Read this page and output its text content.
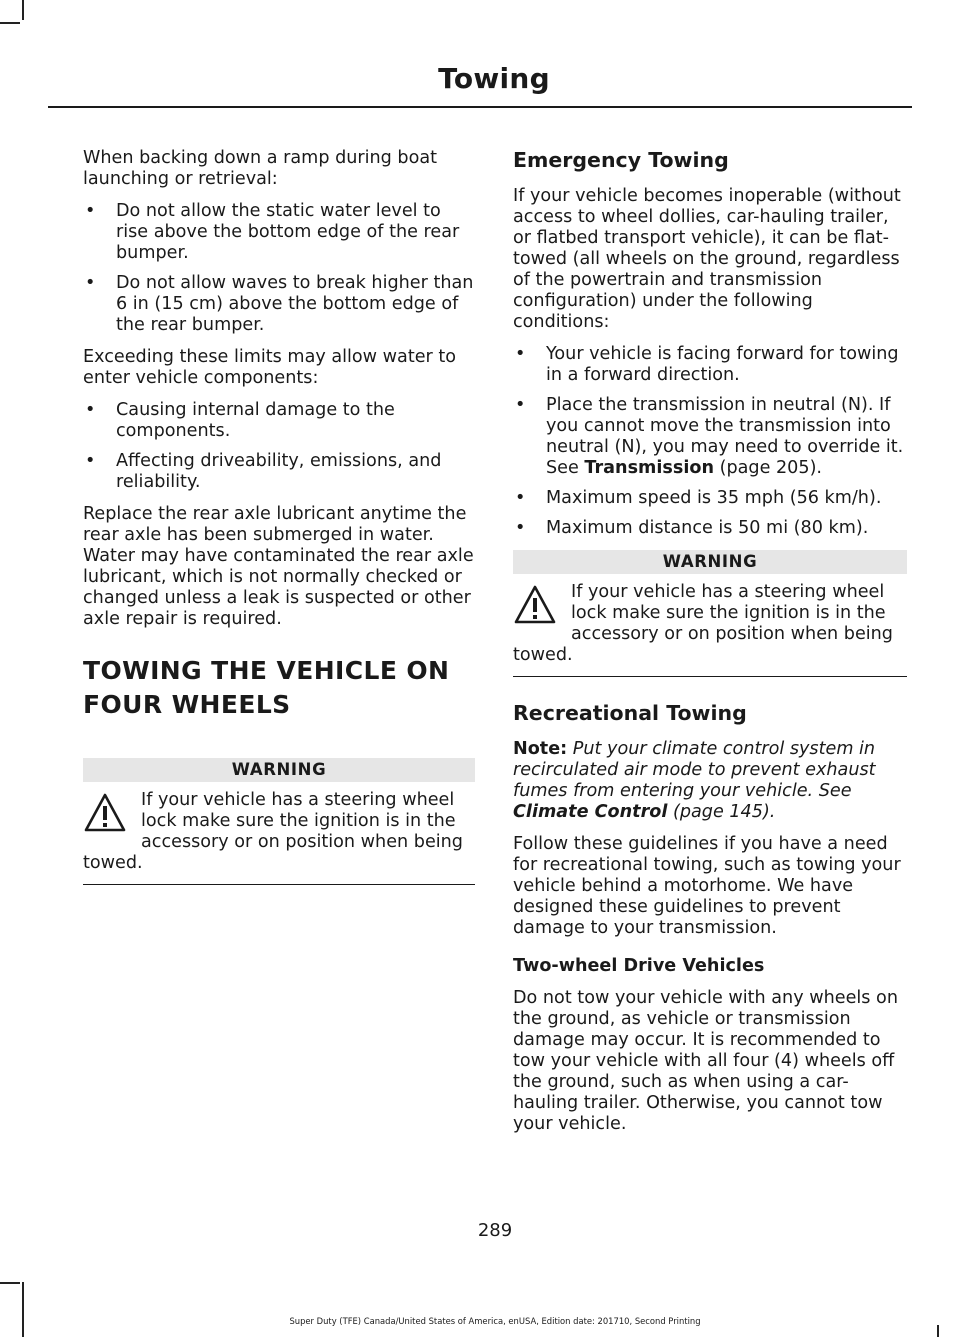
Towing

When backing down a ramp during boat launching or retrieval:

• Do not allow the static water level to rise above the bottom edge of the rear bumper.
• Do not allow waves to break higher than 6 in (15 cm) above the bottom edge of the rear bumper.

Exceeding these limits may allow water to enter vehicle components:

• Causing internal damage to the components.
• Affecting driveability, emissions, and reliability.

Replace the rear axle lubricant anytime the rear axle has been submerged in water. Water may have contaminated the rear axle lubricant, which is not normally checked or changed unless a leak is suspected or other axle repair is required.

TOWING THE VEHICLE ON
FOUR WHEELS
WARNING
If your vehicle has a steering wheel lock make sure the ignition is in the accessory or on position when being towed.
Emergency Towing

If your vehicle becomes inoperable (without access to wheel dollies, car-hauling trailer, or flatbed transport vehicle), it can be flat-towed (all wheels on the ground, regardless of the powertrain and transmission configuration) under the following conditions:

• Your vehicle is facing forward for towing in a forward direction.
• Place the transmission in neutral (N). If you cannot move the transmission into neutral (N), you may need to override it. See Transmission (page 205).
• Maximum speed is 35 mph (56 km/h).
• Maximum distance is 50 mi (80 km).
WARNING
If your vehicle has a steering wheel lock make sure the ignition is in the accessory or on position when being towed.
Recreational Towing

Note: Put your climate control system in recirculated air mode to prevent exhaust fumes from entering your vehicle. See Climate Control (page 145).

Follow these guidelines if you have a need for recreational towing, such as towing your vehicle behind a motorhome. We have designed these guidelines to prevent damage to your transmission.

Two-wheel Drive Vehicles

Do not tow your vehicle with any wheels on the ground, as vehicle or transmission damage may occur. It is recommended to tow your vehicle with all four (4) wheels off the ground, such as when using a car-hauling trailer. Otherwise, you cannot tow your vehicle.

289
Super Duty (TFE) Canada/United States of America, enUSA, Edition date: 201710, Second Printing
